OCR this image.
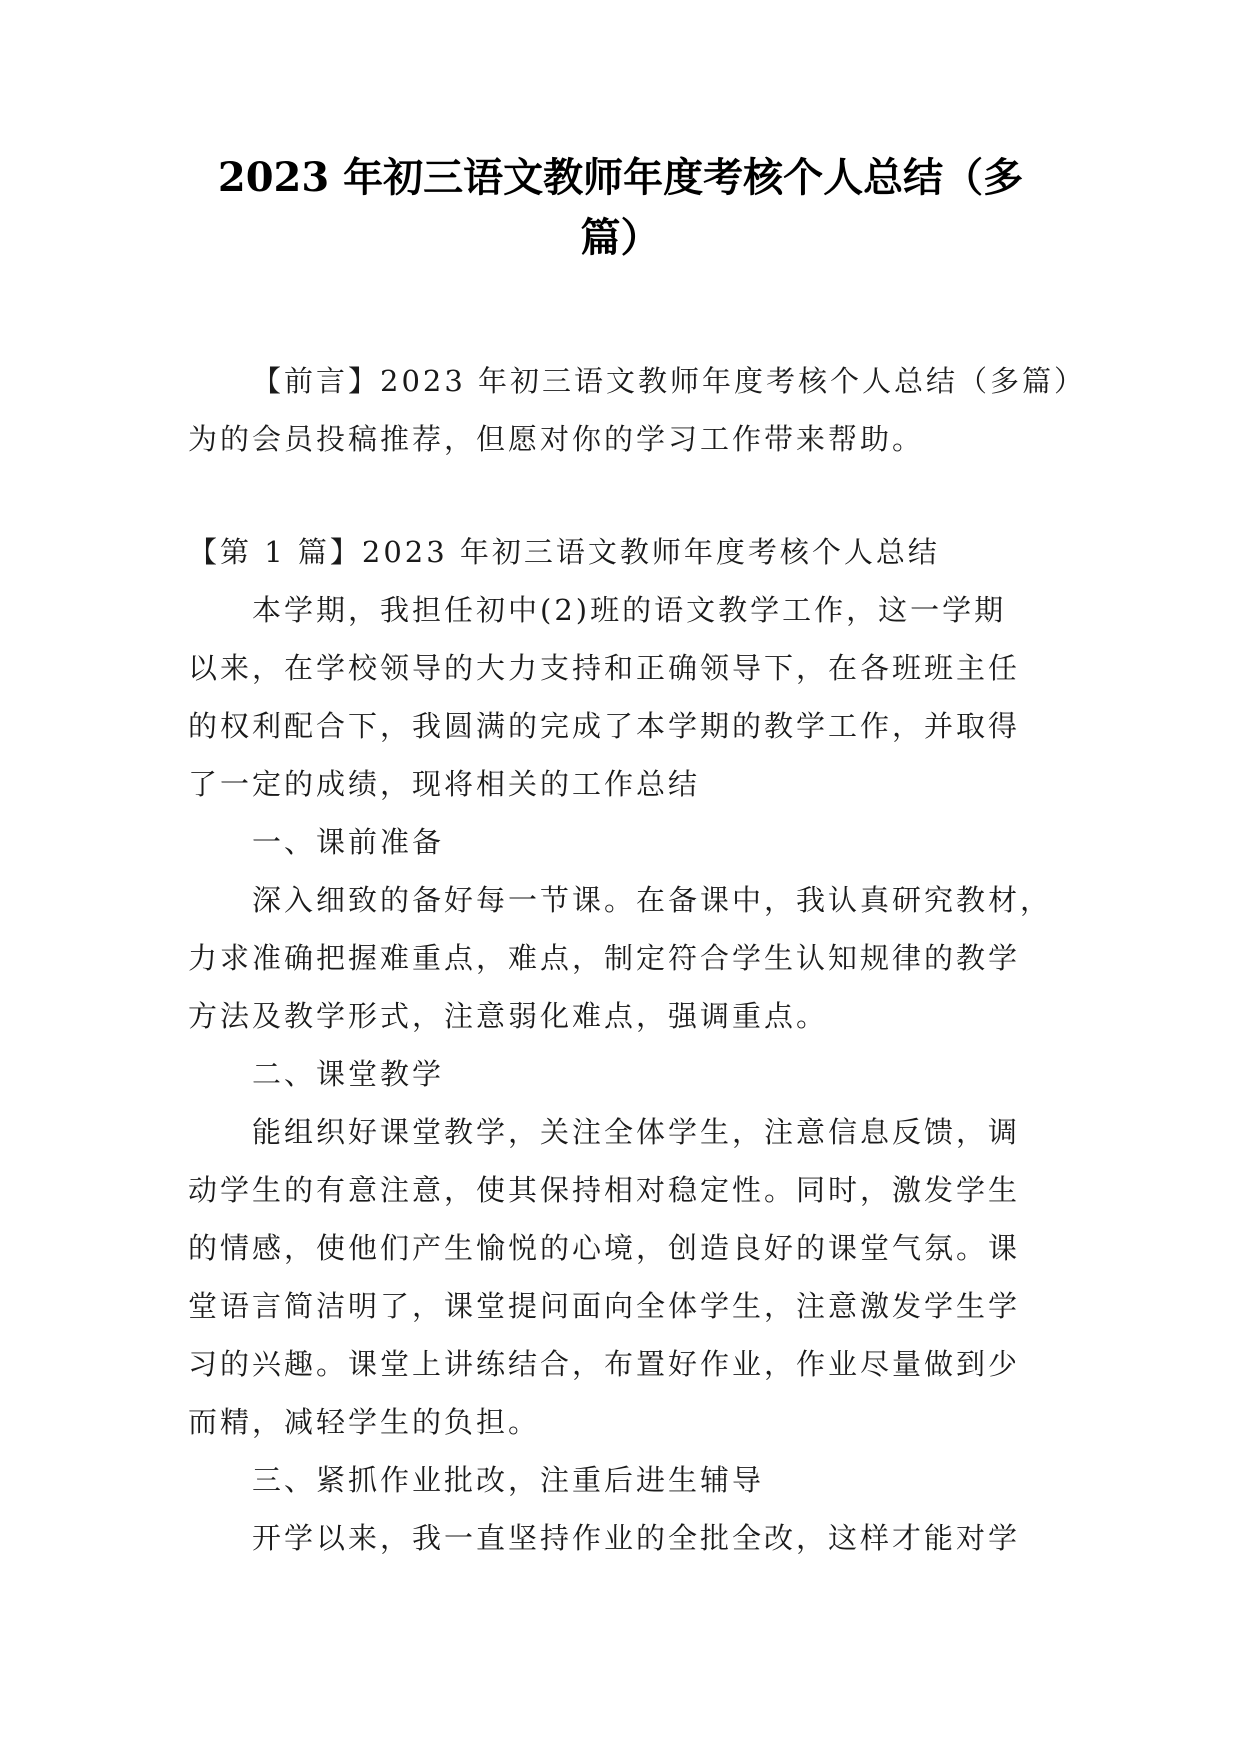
2023 年初三语文教师年度考核个人总结（多
篇）
【前言】2023 年初三语文教师年度考核个人总结（多篇）
为的会员投稿推荐，但愿对你的学习工作带来帮助。
【第 1 篇】2023 年初三语文教师年度考核个人总结
本学期，我担任初中(2)班的语文教学工作，这一学期
以来，在学校领导的大力支持和正确领导下，在各班班主任
的权利配合下，我圆满的完成了本学期的教学工作，并取得
了一定的成绩，现将相关的工作总结
一、课前准备
深入细致的备好每一节课。在备课中，我认真研究教材，
力求准确把握难重点，难点，制定符合学生认知规律的教学
方法及教学形式，注意弱化难点，强调重点。
二、课堂教学
能组织好课堂教学，关注全体学生，注意信息反馈，调
动学生的有意注意，使其保持相对稳定性。同时，激发学生
的情感，使他们产生愉悦的心境，创造良好的课堂气氛。课
堂语言简洁明了，课堂提问面向全体学生，注意激发学生学
习的兴趣。课堂上讲练结合，布置好作业，作业尽量做到少
而精，减轻学生的负担。
三、紧抓作业批改，注重后进生辅导
开学以来，我一直坚持作业的全批全改，这样才能对学
